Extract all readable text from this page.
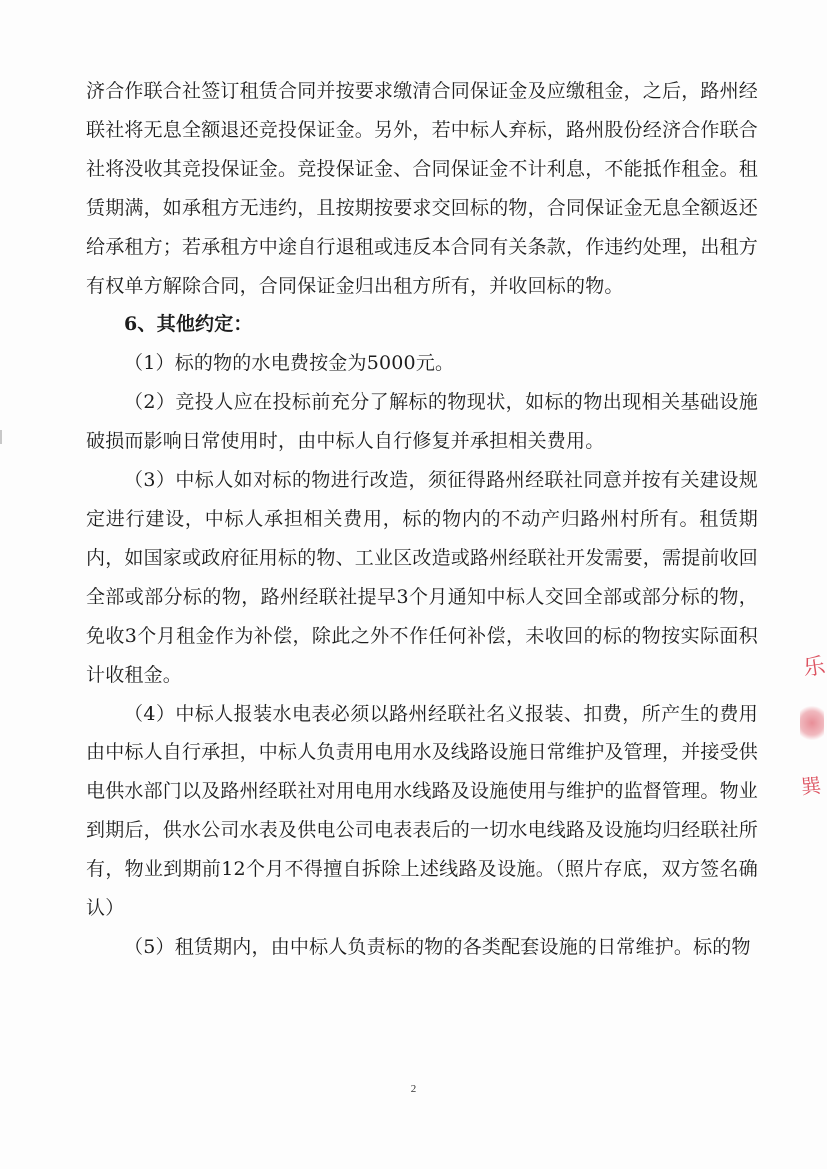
济合作联合社签订租赁合同并按要求缴清合同保证金及应缴租金，之后，路州经联社将无息全额退还竞投保证金。另外，若中标人弃标，路州股份经济合作联合社将没收其竞投保证金。竞投保证金、合同保证金不计利息，不能抵作租金。租赁期满，如承租方无违约，且按期按要求交回标的物，合同保证金无息全额返还给承租方；若承租方中途自行退租或违反本合同有关条款，作违约处理，出租方有权单方解除合同，合同保证金归出租方所有，并收回标的物。

6、其他约定：

（1）标的物的水电费按金为5000元。

（2）竞投人应在投标前充分了解标的物现状，如标的物出现相关基础设施破损而影响日常使用时，由中标人自行修复并承担相关费用。

（3）中标人如对标的物进行改造，须征得路州经联社同意并按有关建设规定进行建设，中标人承担相关费用，标的物内的不动产归路州村所有。租赁期内，如国家或政府征用标的物、工业区改造或路州经联社开发需要，需提前收回全部或部分标的物，路州经联社提早3个月通知中标人交回全部或部分标的物，免收3个月租金作为补偿，除此之外不作任何补偿，未收回的标的物按实际面积计收租金。

（4）中标人报装水电表必须以路州经联社名义报装、扣费，所产生的费用由中标人自行承担，中标人负责用电用水及线路设施日常维护及管理，并接受供电供水部门以及路州经联社对用电用水线路及设施使用与维护的监督管理。物业到期后，供水公司水表及供电公司电表表后的一切水电线路及设施均归经联社所有，物业到期前12个月不得擅自拆除上述线路及设施。（照片存底，双方签名确认）

（5）租赁期内，由中标人负责标的物的各类配套设施的日常维护。标的物

2
乐
巽
